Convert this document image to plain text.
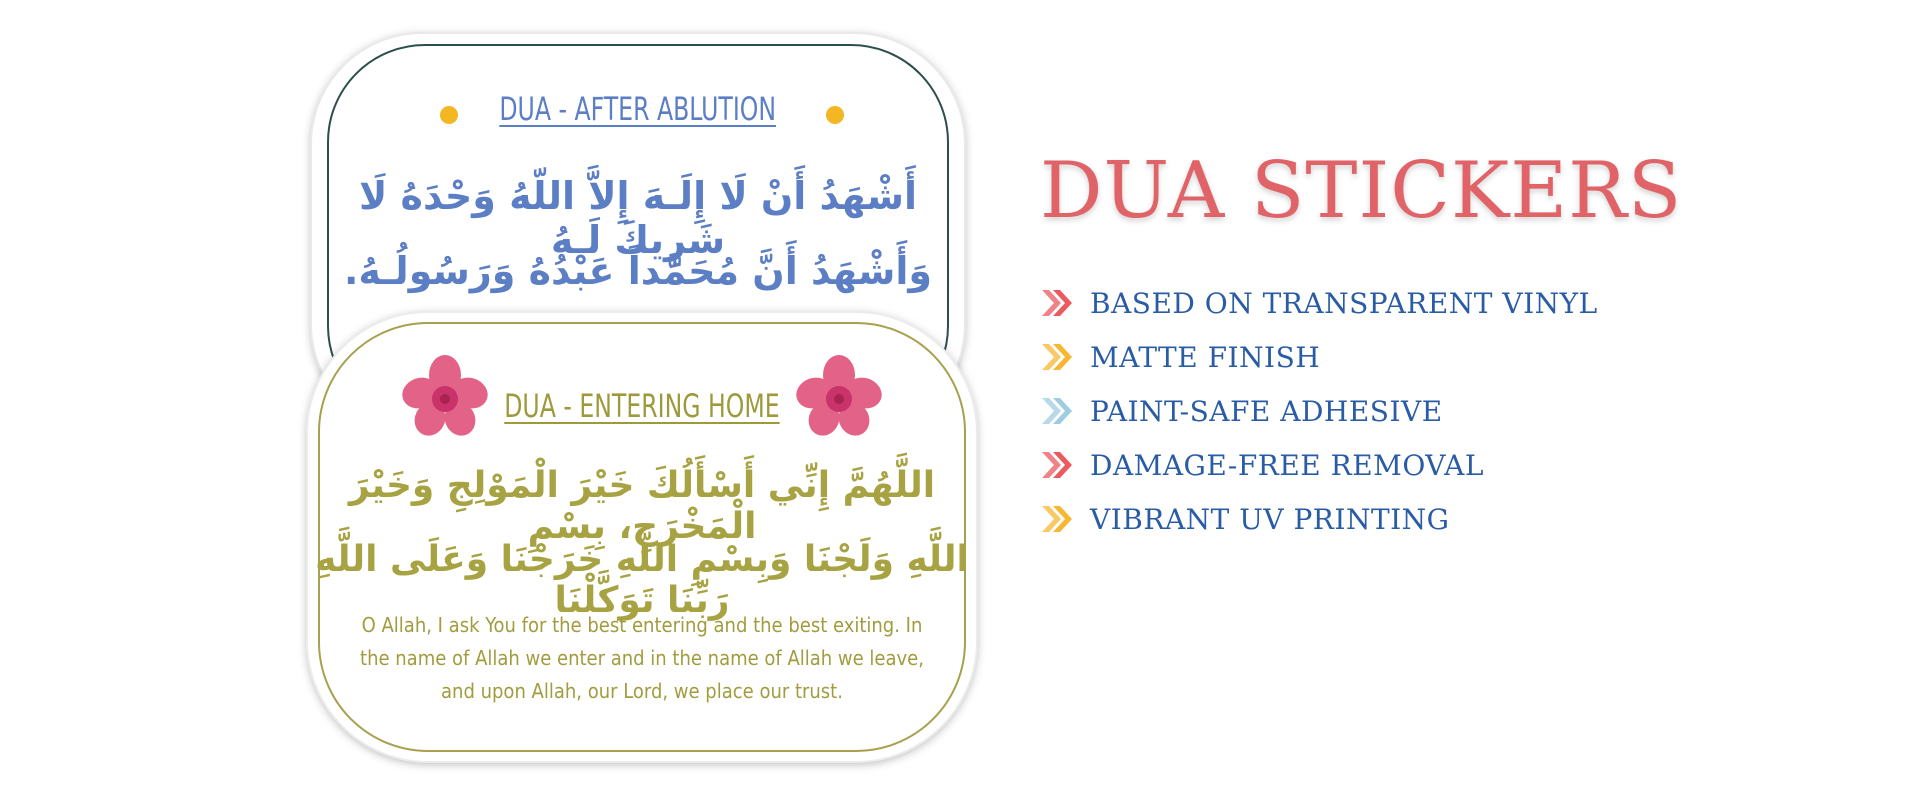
DUA - AFTER ABLUTION
أَشْهَدُ أَنْ لَا إِلَـهَ إِلاَّ اللّهُ وَحْدَهُ لَا شَرِيكَ لَـهُ
وَأَشْهَدُ أَنَّ مُحَمَّداً عَبْدُهُ وَرَسُولُـهُ.
DUA - ENTERING HOME
اللَّهُمَّ إِنِّي أَسْأَلُكَ خَيْرَ الْمَوْلِجِ وَخَيْرَ الْمَخْرَجِ، بِسْمِ
اللَّهِ وَلَجْنَا وَبِسْمِ اللَّهِ خَرَجْنَا وَعَلَى اللَّهِ رَبِّنَا تَوَكَّلْنَا
O Allah, I ask You for the best entering and the best exiting. In
the name of Allah we enter and in the name of Allah we leave,
and upon Allah, our Lord, we place our trust.
DUA STICKERS
BASED ON TRANSPARENT VINYL
MATTE FINISH
PAINT-SAFE ADHESIVE
DAMAGE-FREE REMOVAL
VIBRANT UV PRINTING
